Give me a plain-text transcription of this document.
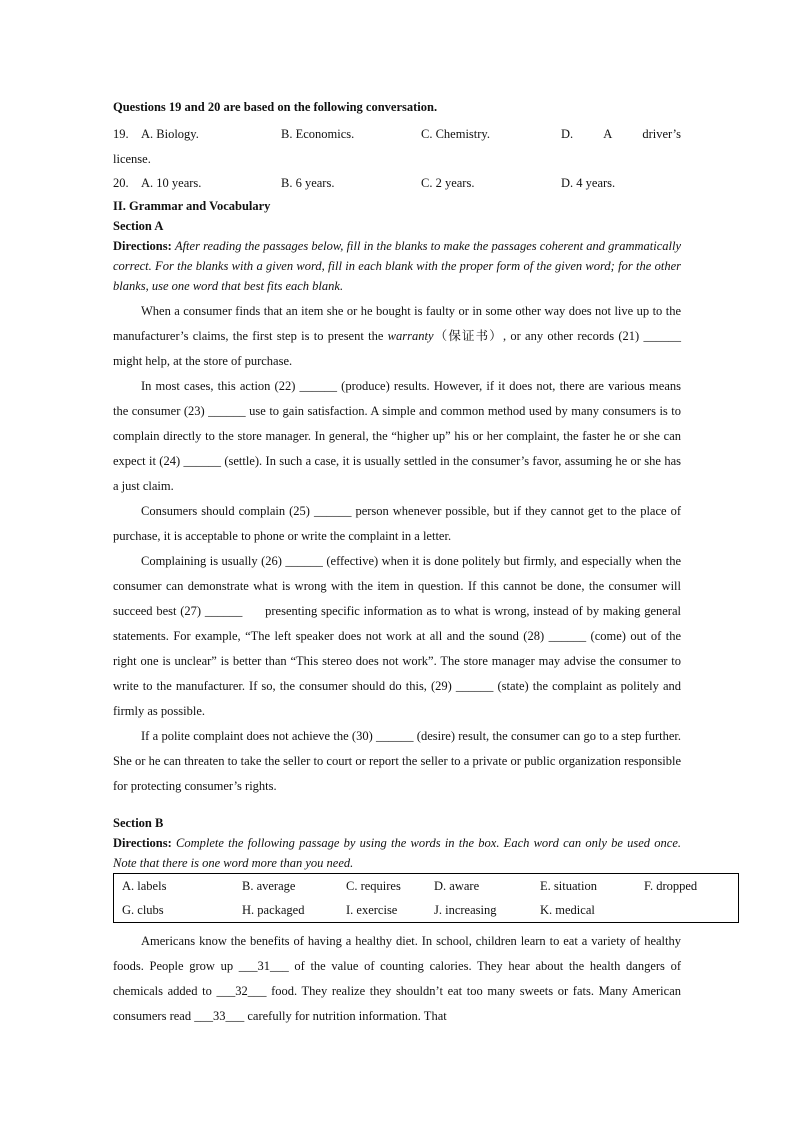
Questions 19 and 20 are based on the following conversation.
19. A. Biology.	B. Economics.	C. Chemistry.	D. A driver’s
license.
20. A. 10 years.	B. 6 years.	C. 2 years.	D. 4 years.
II. Grammar and Vocabulary
Section A

Directions: After reading the passages below, fill in the blanks to make the passages coherent and grammatically correct. For the blanks with a given word, fill in each blank with the proper form of the given word; for the other blanks, use one word that best fits each blank.

When a consumer finds that an item she or he bought is faulty or in some other way does not live up to the manufacturer’s claims, the first step is to present the warranty（保证书）, or any other records (21) ______ might help, at the store of purchase.

In most cases, this action (22) ______ (produce) results. However, if it does not, there are various means the consumer (23) ______ use to gain satisfaction. A simple and common method used by many consumers is to complain directly to the store manager. In general, the “higher up” his or her complaint, the faster he or she can expect it (24) ______ (settle). In such a case, it is usually settled in the consumer’s favor, assuming he or she has a just claim.

Consumers should complain (25) ______ person whenever possible, but if they cannot get to the place of purchase, it is acceptable to phone or write the complaint in a letter.

Complaining is usually (26) ______ (effective) when it is done politely but firmly, and especially when the consumer can demonstrate what is wrong with the item in question. If this cannot be done, the consumer will succeed best (27) ______      presenting specific information as to what is wrong, instead of by making general statements. For example, “The left speaker does not work at all and the sound (28) ______ (come) out of the right one is unclear” is better than “This stereo does not work”. The store manager may advise the consumer to write to the manufacturer. If so, the consumer should do this, (29) ______ (state) the complaint as politely and firmly as possible.

If a polite complaint does not achieve the (30) ______ (desire) result, the consumer can go to a step further. She or he can threaten to take the seller to court or report the seller to a private or public organization responsible for protecting consumer’s rights.

Section B

Directions: Complete the following passage by using the words in the box. Each word can only be used once. Note that there is one word more than you need.

A. labels	B. average	C. requires	D. aware	E. situation	F. dropped
G. clubs	H. packaged	I. exercise	J. increasing	K. medical	

Americans know the benefits of having a healthy diet. In school, children learn to eat a variety of healthy foods. People grow up ___31___ of the value of counting calories. They hear about the health dangers of chemicals added to ___32___ food. They realize they shouldn’t eat too many sweets or fats. Many American consumers read ___33___ carefully for nutrition information. That
